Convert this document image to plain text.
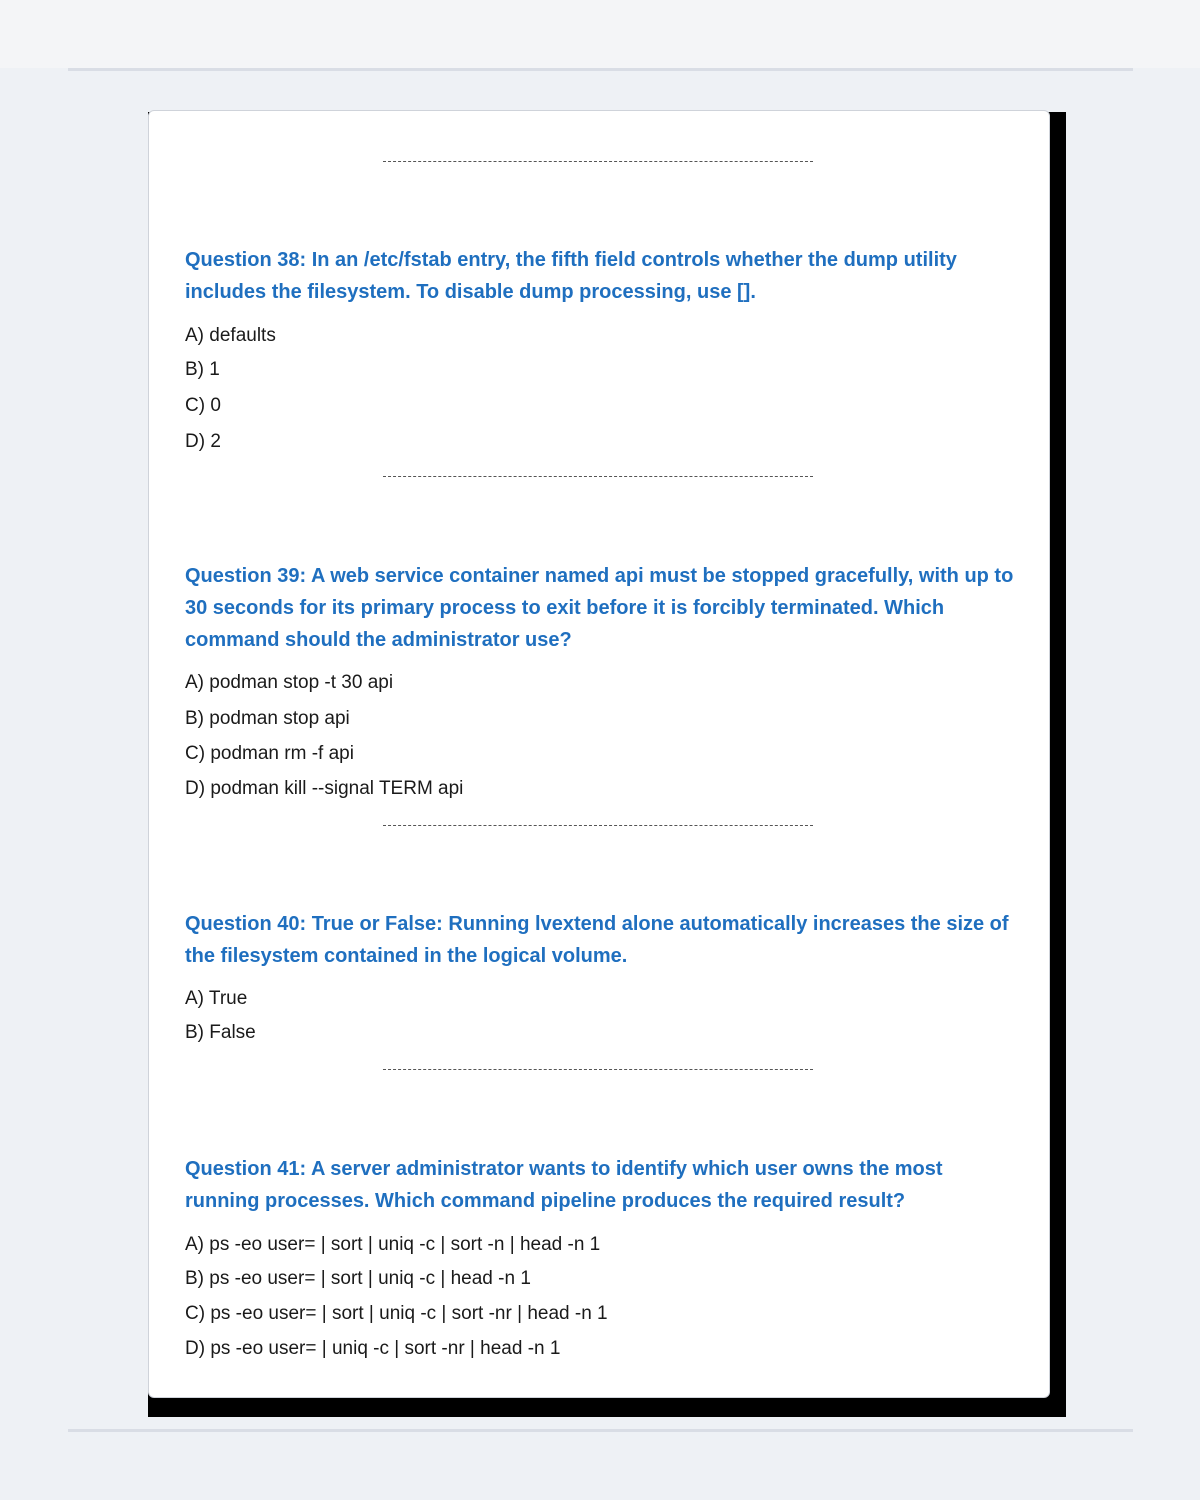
Question 38: In an /etc/fstab entry, the fifth field controls whether the dump utility includes the filesystem. To disable dump processing, use [].

A) defaults

B) 1

C) 0

D) 2

Question 39: A web service container named api must be stopped gracefully, with up to 30 seconds for its primary process to exit before it is forcibly terminated. Which command should the administrator use?

A) podman stop -t 30 api

B) podman stop api

C) podman rm -f api

D) podman kill --signal TERM api

Question 40: True or False: Running lvextend alone automatically increases the size of the filesystem contained in the logical volume.

A) True

B) False

Question 41: A server administrator wants to identify which user owns the most running processes. Which command pipeline produces the required result?

A) ps -eo user= | sort | uniq -c | sort -n | head -n 1

B) ps -eo user= | sort | uniq -c | head -n 1

C) ps -eo user= | sort | uniq -c | sort -nr | head -n 1

D) ps -eo user= | uniq -c | sort -nr | head -n 1
